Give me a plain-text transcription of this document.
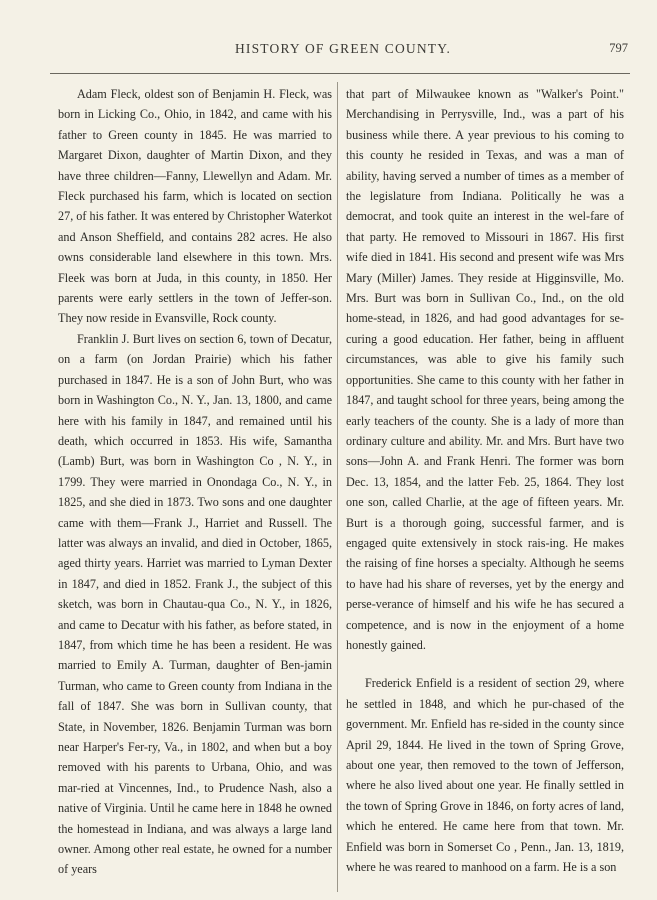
HISTORY OF GREEN COUNTY.	797

Adam Fleck, oldest son of Benjamin H. Fleck, was born in Licking Co., Ohio, in 1842, and came with his father to Green county in 1845. He was married to Margaret Dixon, daughter of Martin Dixon, and they have three children—Fanny, Llewellyn and Adam. Mr. Fleck purchased his farm, which is located on section 27, of his father. It was entered by Christopher Waterkot and Anson Sheffield, and contains 282 acres. He also owns considerable land elsewhere in this town. Mrs. Fleek was born at Juda, in this county, in 1850. Her parents were early settlers in the town of Jeffer-son. They now reside in Evansville, Rock county.

Franklin J. Burt lives on section 6, town of Decatur, on a farm (on Jordan Prairie) which his father purchased in 1847. He is a son of John Burt, who was born in Washington Co., N. Y., Jan. 13, 1800, and came here with his family in 1847, and remained until his death, which occurred in 1853. His wife, Samantha (Lamb) Burt, was born in Washington Co , N. Y., in 1799. They were married in Onondaga Co., N. Y., in 1825, and she died in 1873. Two sons and one daughter came with them—Frank J., Harriet and Russell. The latter was always an invalid, and died in October, 1865, aged thirty years. Harriet was married to Lyman Dexter in 1847, and died in 1852. Frank J., the subject of this sketch, was born in Chautau-qua Co., N. Y., in 1826, and came to Decatur with his father, as before stated, in 1847, from which time he has been a resident. He was married to Emily A. Turman, daughter of Ben-jamin Turman, who came to Green county from Indiana in the fall of 1847. She was born in Sullivan county, that State, in November, 1826. Benjamin Turman was born near Harper's Fer-ry, Va., in 1802, and when but a boy removed with his parents to Urbana, Ohio, and was mar-ried at Vincennes, Ind., to Prudence Nash, also a native of Virginia. Until he came here in 1848 he owned the homestead in Indiana, and was always a large land owner. Among other real estate, he owned for a number of years

that part of Milwaukee known as "Walker's Point." Merchandising in Perrysville, Ind., was a part of his business while there. A year previous to his coming to this county he resided in Texas, and was a man of ability, having served a number of times as a member of the legislature from Indiana. Politically he was a democrat, and took quite an interest in the wel-fare of that party. He removed to Missouri in 1867. His first wife died in 1841. His second and present wife was Mrs Mary (Miller) James. They reside at Higginsville, Mo. Mrs. Burt was born in Sullivan Co., Ind., on the old home-stead, in 1826, and had good advantages for se-curing a good education. Her father, being in affluent circumstances, was able to give his family such opportunities. She came to this county with her father in 1847, and taught school for three years, being among the early teachers of the county. She is a lady of more than ordinary culture and ability. Mr. and Mrs. Burt have two sons—John A. and Frank Henri. The former was born Dec. 13, 1854, and the latter Feb. 25, 1864. They lost one son, called Charlie, at the age of fifteen years. Mr. Burt is a thorough going, successful farmer, and is engaged quite extensively in stock rais-ing. He makes the raising of fine horses a specialty. Although he seems to have had his share of reverses, yet by the energy and perse-verance of himself and his wife he has secured a competence, and is now in the enjoyment of a home honestly gained.

Frederick Enfield is a resident of section 29, where he settled in 1848, and which he pur-chased of the government. Mr. Enfield has re-sided in the county since April 29, 1844. He lived in the town of Spring Grove, about one year, then removed to the town of Jefferson, where he also lived about one year. He finally settled in the town of Spring Grove in 1846, on forty acres of land, which he entered. He came here from that town. Mr. Enfield was born in Somerset Co , Penn., Jan. 13, 1819, where he was reared to manhood on a farm. He is a son
